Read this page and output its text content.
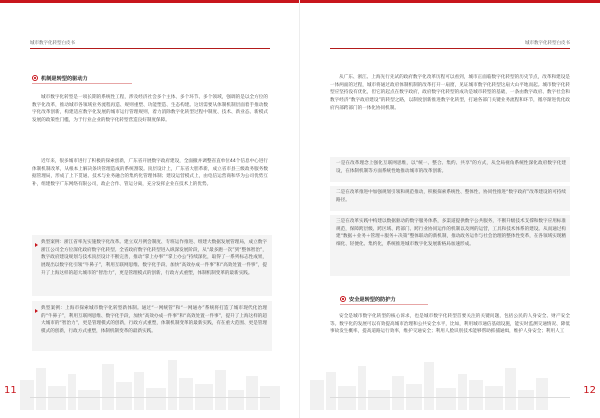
城市数字化转型白皮书
机制是转型的驱动力
城市数字化转型是一项长期的系统性工程，涉及经济社会多个主体、多个环节、多个领域，强调的是以全方位的数字化改革，推动城市各领域业务流程再造、规则重塑、功能塑造、生态构建。这切需要从体制机制层面着手推动数字化改革创新，构建适应数字化发展的城市运行管理规则，着力消除数字化转型过程中制度、技术、新业态、新模式发展的政策性门槛，为于行业企业的数字化转型营造良好制度保障。
近年来，很多城市进行了积极的探索创新，广东省开展数字政府建设，全面撤并调整省直单位44个信息中心进行体制机制改革，从根本上解决条块管理造成的系统割裂。顶层设计上，广东省大胆革新，成立省市县三级政务服务数据管理局，形成了上下贯通、技术与业务融合的集约化管理体制；建设运营模式上，由电信运营商和华为公司优势互补，组建数字广东网络有限公司，政企合作、管运分离，充分发挥企业在技术上的优势。
典型案例：浙江省率先实施数字化改革。建立双月例会制度、专班运作推进、组建大数据发展管理局，成立数字浙江公司全方位深化政府数字化转型。全省政府数字化转型进入纵深发展阶段，从“最多跑一次”到“整体智治”，数字政府建设规划与技术顶层设计不断完善，推动“掌上办事”“掌上办公”持续深化，取得了一系列标志性成果，展现出以数字化引领“牛鼻子”，利用互联网思维、数字化手段、加快“高效办成一件事”和“高效处置一件事”，提升了上海这样的超大城市的“智治力”，更是管理模式的创新，行政方式重塑，体制机制变革的最新实践。
典型案例：上海市探索城市数字化转型新体制。通过“一网统管”和“一网通办”系统将打造了城市现代化治理的“牛鼻子”，利用互联网思维、数字化手段，加快“高效办成一件事”和“高效处置一件事”，提升了上海这样的超大城市的“智治力”，更是管理模式的创新，行政方式重塑，体制机制变革的最新实践，有在重大范围、更是管理模式的创新，行政方式重塑，体制机制变革的最新实践。
11
城市数字化转型白皮书
从广东、浙江、上海先行先试的政府数字化改革历程可以看到，城市正面临数字化转型的历史节点，改革和建设是一体两面的过程，城市将通过政府体制机制的改革打开一扇窗，见证城市数字化转型这扇大山平地而起。城市数字化转型应坚持没有优化，但它的起点在数字政府，政府数字化转型的成功是城市转型的基础，一条由数字政府、数字社会和数字经济“数字政府建设”的转型之路，以制度创新推进数字化转型，打通各部门关键业务流程和环节，循序渐进优化政府内部跨部门的一体化协同机制。
一是在改革理念上强化互联网思维，以“统一、整合、集约、共享”的方式，从全局视角系统性深化政府数字化建设，在体制机制等方面系统性地推动城市的改革创新。
二是在改革推进中加强规划引领和规范推动，积极探索系统性、整体性、协同性推进“数字政府”改革建设的可持续路径。
三是在改革实践中构建以数据驱动的数字服务体系，多渠道提供数字公共服务，不断升级技术支撑和数字应用标准规范，保障跨层级、跨区域、跨部门、跨行业协同运作的机制以及网的运营，工具和技术体系的建设。从而通过构建“数据＋业务＋管理＋服务＋决策”整体联动的新机制，推动政务运作与社会治理的整体性变革，在各领域实现精细化、轻便化、集约化，系统推进城市数字化发展新格局加速形成。
安全是转型的防护力
安全是城市数字化转型的核心诉求，也是城市数字化转型首要关注的关键问题，包括公民的人身安全、财产安全等。数字化的发展可以有效提高城市治理和公共安全水平，比如，利用城市通信基础设施，能实时监测交通情况、降低事故发生概率，提高道路运行效率，维护交通安全；利用人脸识别技术能够帮助抓捕通缉，维护人身安全；利用人工
12
